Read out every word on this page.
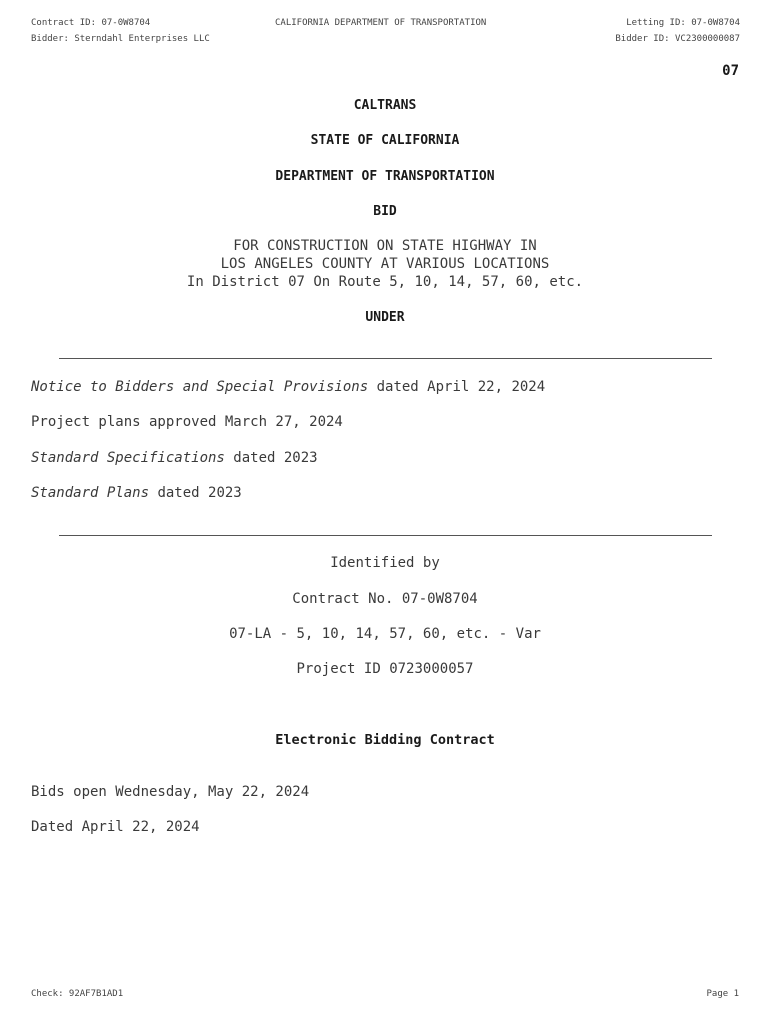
Contract ID: 07-0W8704	CALIFORNIA DEPARTMENT OF TRANSPORTATION	Letting ID: 07-0W8704
Bidder: Sterndahl Enterprises LLC	Bidder ID: VC2300000087
07
CALTRANS
STATE OF CALIFORNIA
DEPARTMENT OF TRANSPORTATION
BID
FOR CONSTRUCTION ON STATE HIGHWAY IN
LOS ANGELES COUNTY AT VARIOUS LOCATIONS
In District 07 On Route 5, 10, 14, 57, 60, etc.
UNDER
Notice to Bidders and Special Provisions dated April 22, 2024
Project plans approved March 27, 2024
Standard Specifications dated 2023
Standard Plans dated 2023
Identified by
Contract No. 07-0W8704
07-LA - 5, 10, 14, 57, 60, etc. - Var
Project ID 0723000057
Electronic Bidding Contract
Bids open Wednesday, May 22, 2024
Dated April 22, 2024
Check: 92AF7B1AD1	Page 1
